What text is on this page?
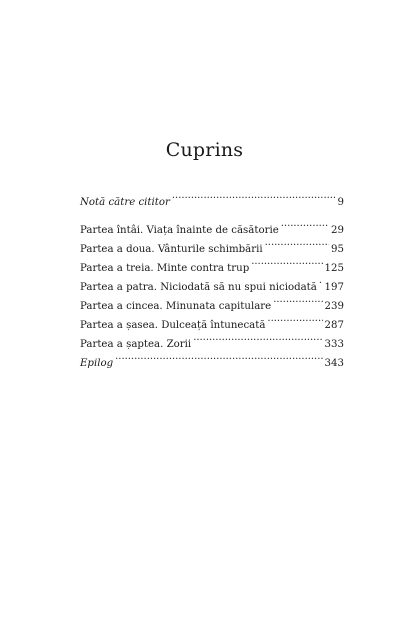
Cuprins
Notă către cititor . . .	9
Partea întâi. Viața înainte de căsătorie . . .	29
Partea a doua. Vânturile schimbării . . .	95
Partea a treia. Minte contra trup . . .	125
Partea a patra. Niciodată să nu spui niciodată . . . 197
Partea a cincea. Minunata capitulare . . .	239
Partea a șasea. Dulceață întunecată . . .	287
Partea a șaptea. Zorii . . .	333
Epilog . . .	343
